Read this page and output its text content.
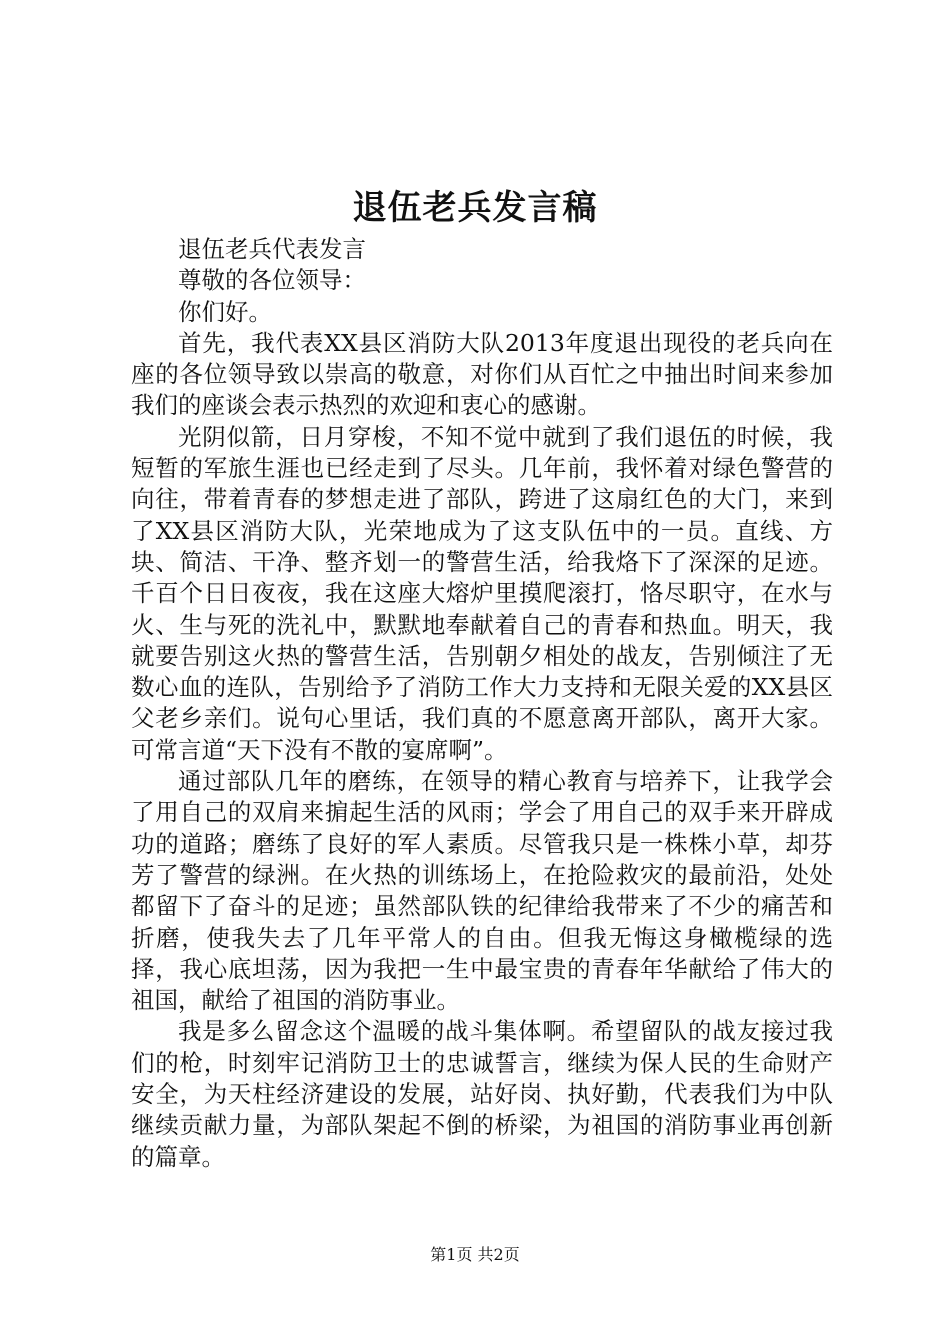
退伍老兵发言稿

退伍老兵代表发言

尊敬的各位领导：

你们好。

首先，我代表XX县区消防大队2013年度退出现役的老兵向在座的各位领导致以崇高的敬意，对你们从百忙之中抽出时间来参加我们的座谈会表示热烈的欢迎和衷心的感谢。

光阴似箭，日月穿梭，不知不觉中就到了我们退伍的时候，我短暂的军旅生涯也已经走到了尽头。几年前，我怀着对绿色警营的向往，带着青春的梦想走进了部队，跨进了这扇红色的大门，来到了XX县区消防大队，光荣地成为了这支队伍中的一员。直线、方块、简洁、干净、整齐划一的警营生活，给我烙下了深深的足迹。千百个日日夜夜，我在这座大熔炉里摸爬滚打，恪尽职守，在水与火、生与死的洗礼中，默默地奉献着自己的青春和热血。明天，我就要告别这火热的警营生活，告别朝夕相处的战友，告别倾注了无数心血的连队，告别给予了消防工作大力支持和无限关爱的XX县区父老乡亲们。说句心里话，我们真的不愿意离开部队，离开大家。可常言道“天下没有不散的宴席啊”。

通过部队几年的磨练，在领导的精心教育与培养下，让我学会了用自己的双肩来掮起生活的风雨；学会了用自己的双手来开辟成功的道路；磨练了良好的军人素质。尽管我只是一株株小草，却芬芳了警营的绿洲。在火热的训练场上，在抢险救灾的最前沿，处处都留下了奋斗的足迹；虽然部队铁的纪律给我带来了不少的痛苦和折磨，使我失去了几年平常人的自由。但我无悔这身橄榄绿的选择，我心底坦荡，因为我把一生中最宝贵的青春年华献给了伟大的祖国，献给了祖国的消防事业。

我是多么留念这个温暖的战斗集体啊。希望留队的战友接过我们的枪，时刻牢记消防卫士的忠诚誓言，继续为保人民的生命财产安全，为天柱经济建设的发展，站好岗、执好勤，代表我们为中队继续贡献力量，为部队架起不倒的桥梁，为祖国的消防事业再创新的篇章。

第1页 共2页
